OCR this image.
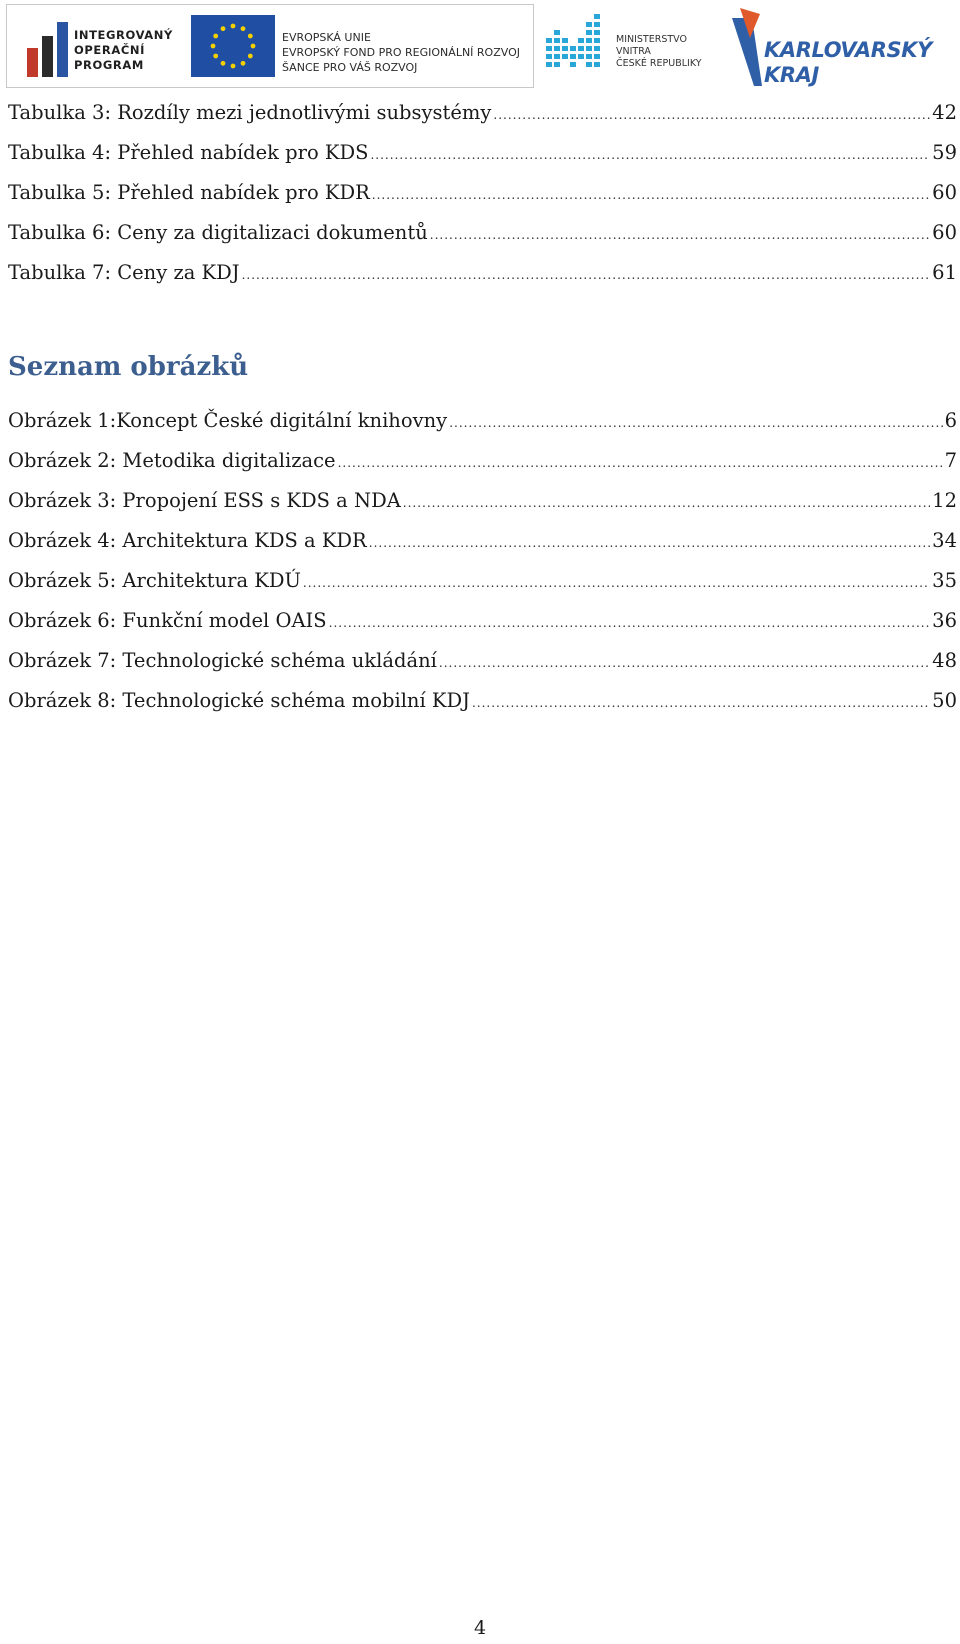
INTEGROVANÝ
OPERAČNÍ
PROGRAM
EVROPSKÁ UNIE
EVROPSKÝ FOND PRO REGIONÁLNÍ ROZVOJ
ŠANCE PRO VÁŠ ROZVOJ
MINISTERSTVO VNITRA
ČESKÉ REPUBLIKY
KARLOVARSKÝ
KRAJ
Tabulka 3: Rozdíly mezi jednotlivými subsystémy .....	42
Tabulka 4: Přehled nabídek pro KDS .....	59
Tabulka 5: Přehled nabídek pro KDR .....	60
Tabulka 6: Ceny za digitalizaci dokumentů .....	60
Tabulka 7: Ceny za KDJ .....	61
Seznam obrázků
Obrázek 1:Koncept České digitální knihovny .....	6
Obrázek 2: Metodika digitalizace .....	7
Obrázek 3: Propojení ESS s KDS a NDA .....	12
Obrázek 4: Architektura KDS a KDR .....	34
Obrázek 5: Architektura KDÚ .....	35
Obrázek 6: Funkční model OAIS .....	36
Obrázek 7: Technologické schéma ukládání .....	48
Obrázek 8: Technologické schéma mobilní KDJ .....	50
4
